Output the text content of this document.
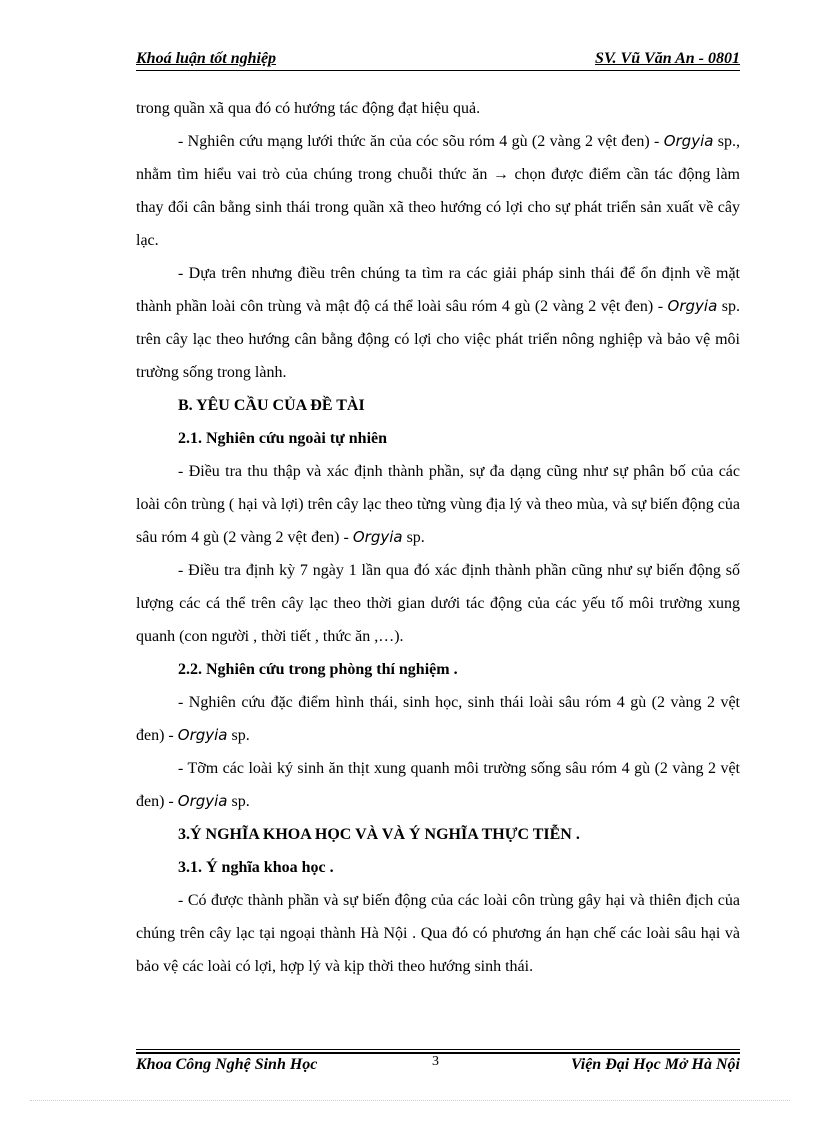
Khoá luận tốt nghiệp	SV. Vũ Văn An - 0801

trong quần xã qua đó có hướng tác động đạt hiệu quả.

- Nghiên cứu mạng lưới thức ăn của cóc sõu róm 4 gù (2 vàng 2 vệt đen) - Orgyia sp., nhằm tìm hiểu vai trò của chúng trong chuỗi thức ăn → chọn được điểm cần tác động làm thay đổi cân bằng sinh thái trong quần xã theo hướng có lợi cho sự phát triển sản xuất về cây lạc.

- Dựa trên nhưng điều trên chúng ta tìm ra các giải pháp sinh thái để ổn định về mặt thành phần loài côn trùng và mật độ cá thể loài sâu róm 4 gù (2 vàng 2 vệt đen) - Orgyia sp. trên cây lạc theo hướng cân bằng động có lợi cho việc phát triển nông nghiệp và bảo vệ môi trường sống trong lành.

B. YÊU CẦU CỦA ĐỀ TÀI

2.1. Nghiên cứu ngoài tự nhiên

- Điều tra thu thập và xác định thành phần, sự đa dạng cũng như sự phân bố của các loài côn trùng ( hại và lợi) trên cây lạc theo từng vùng địa lý và theo mùa, và sự biến động của sâu róm 4 gù (2 vàng 2 vệt đen) - Orgyia sp.

- Điều tra định kỳ 7 ngày 1 lần qua đó xác định thành phần cũng như sự biến động số lượng các cá thể trên cây lạc theo thời gian dưới tác động của các yếu tố môi trường xung quanh (con người , thời tiết , thức ăn ,…).

2.2. Nghiên cứu trong phòng thí nghiệm .

- Nghiên cứu đặc điểm hình thái, sinh học, sinh thái loài sâu róm 4 gù (2 vàng 2 vệt đen) - Orgyia sp.

- Tỡm các loài ký sinh ăn thịt xung quanh môi trường sống sâu róm 4 gù (2 vàng 2 vệt đen) - Orgyia sp.

3.Ý NGHĨA KHOA HỌC VÀ VÀ Ý NGHĨA THỰC TIỄN .

3.1. Ý nghĩa khoa học .

- Có được thành phần và sự biến động của các loài côn trùng gây hại và thiên địch của chúng trên cây lạc tại ngoại thành Hà Nội . Qua đó có phương án hạn chế các loài sâu hại và bảo vệ các loài có lợi, hợp lý và kịp thời theo hướng sinh thái.

Khoa Công Nghệ Sinh Học	3	Viện Đại Học Mở Hà Nội
